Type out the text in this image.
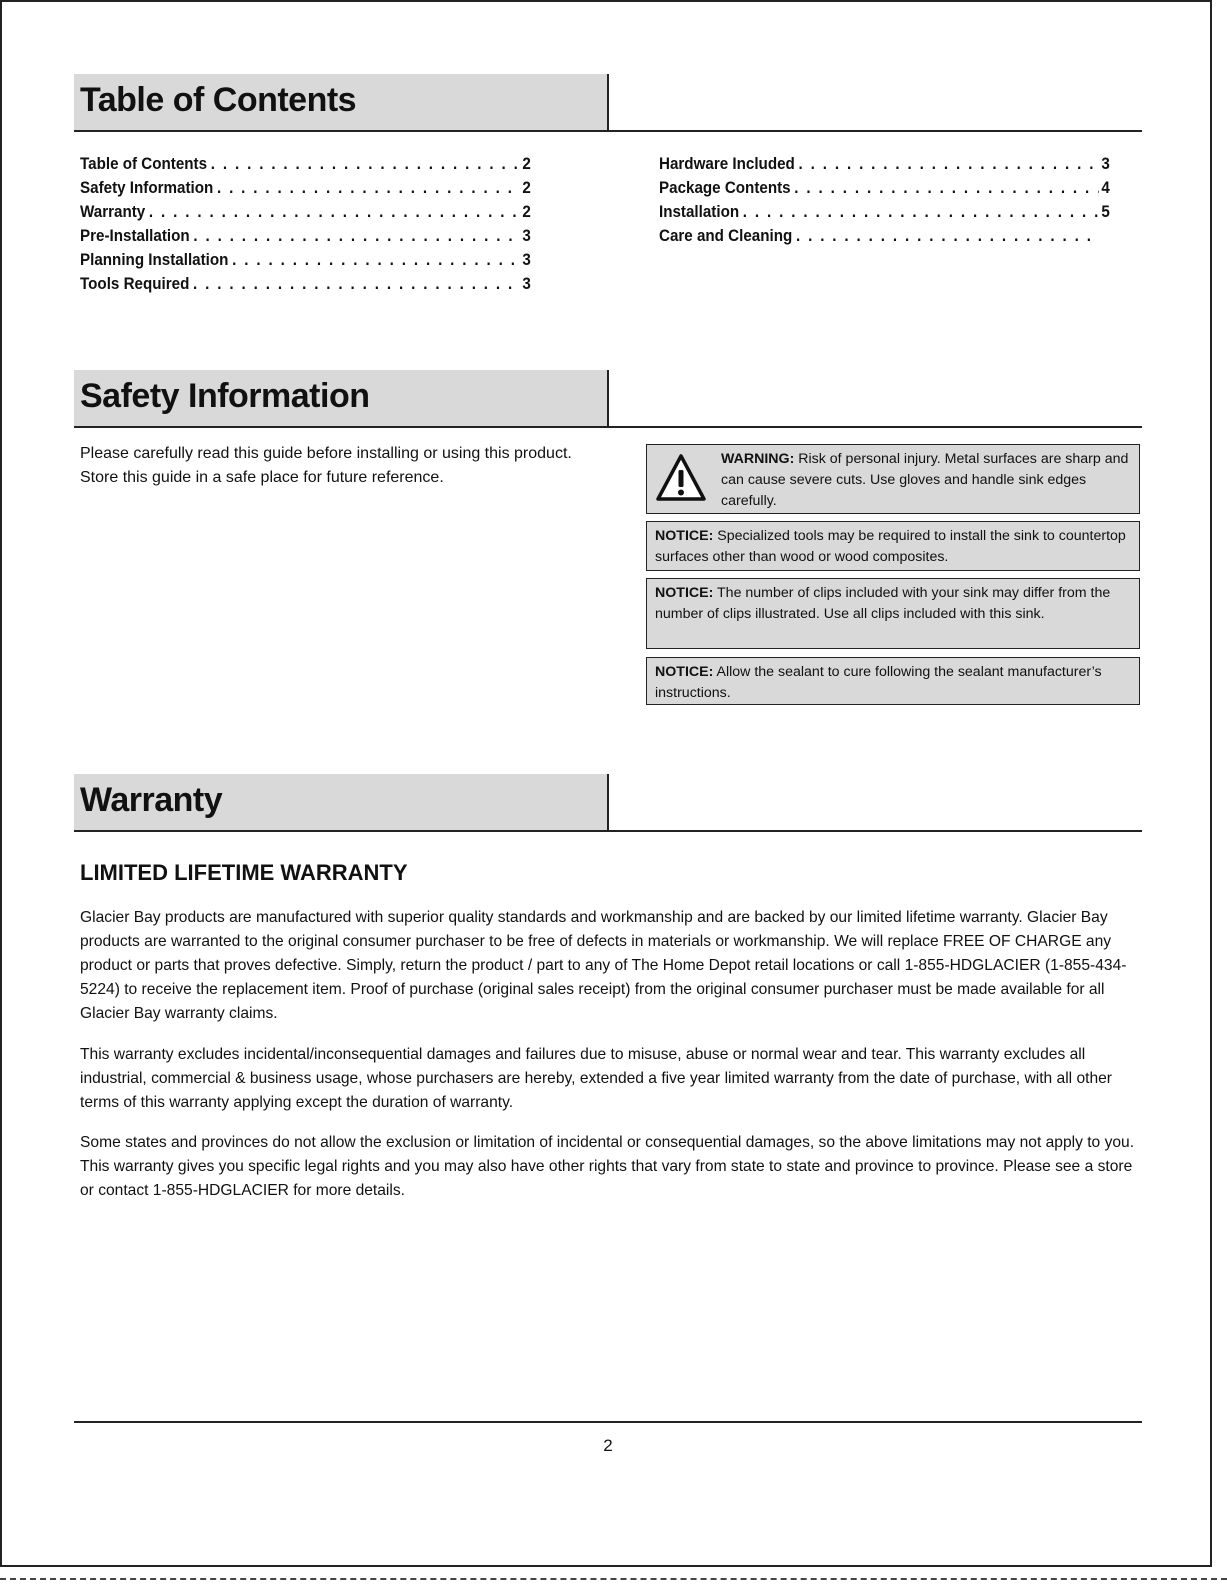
Table of Contents
Table of Contents . . .	2
Safety Information . . .	2
Warranty . . .	2
Pre-Installation . . .	3
Planning Installation . . .	3
Tools Required . . .	3
Hardware Included . . .	3
Package Contents . . .	4
Installation . . .	5
Care and Cleaning
. . .
Safety Information
Please carefully read this guide before installing or using this product. Store this guide in a safe place for future reference.
WARNING: Risk of personal injury. Metal surfaces are sharp and can cause severe cuts. Use gloves and handle sink edges carefully.
NOTICE: Specialized tools may be required to install the sink to countertop surfaces other than wood or wood composites.
NOTICE: The number of clips included with your sink may differ from the number of clips illustrated. Use all clips included with this sink.
NOTICE: Allow the sealant to cure following the sealant manufacturer’s instructions.
Warranty
LIMITED LIFETIME WARRANTY
Glacier Bay products are manufactured with superior quality standards and workmanship and are backed by our limited lifetime warranty. Glacier Bay products are warranted to the original consumer purchaser to be free of defects in materials or workmanship. We will replace FREE OF CHARGE any product or parts that proves defective. Simply, return the product / part to any of The Home Depot retail locations or call 1-855-HDGLACIER (1-855-434-5224) to receive the replacement item. Proof of purchase (original sales receipt) from the original consumer purchaser must be made available for all Glacier Bay warranty claims.
This warranty excludes incidental/inconsequential damages and failures due to misuse, abuse or normal wear and tear. This warranty excludes all industrial, commercial & business usage, whose purchasers are hereby, extended a five year limited warranty from the date of purchase, with all other terms of this warranty applying except the duration of warranty.
Some states and provinces do not allow the exclusion or limitation of incidental or consequential damages, so the above limitations may not apply to you. This warranty gives you specific legal rights and you may also have other rights that vary from state to state and province to province. Please see a store or contact 1-855-HDGLACIER for more details.
2
